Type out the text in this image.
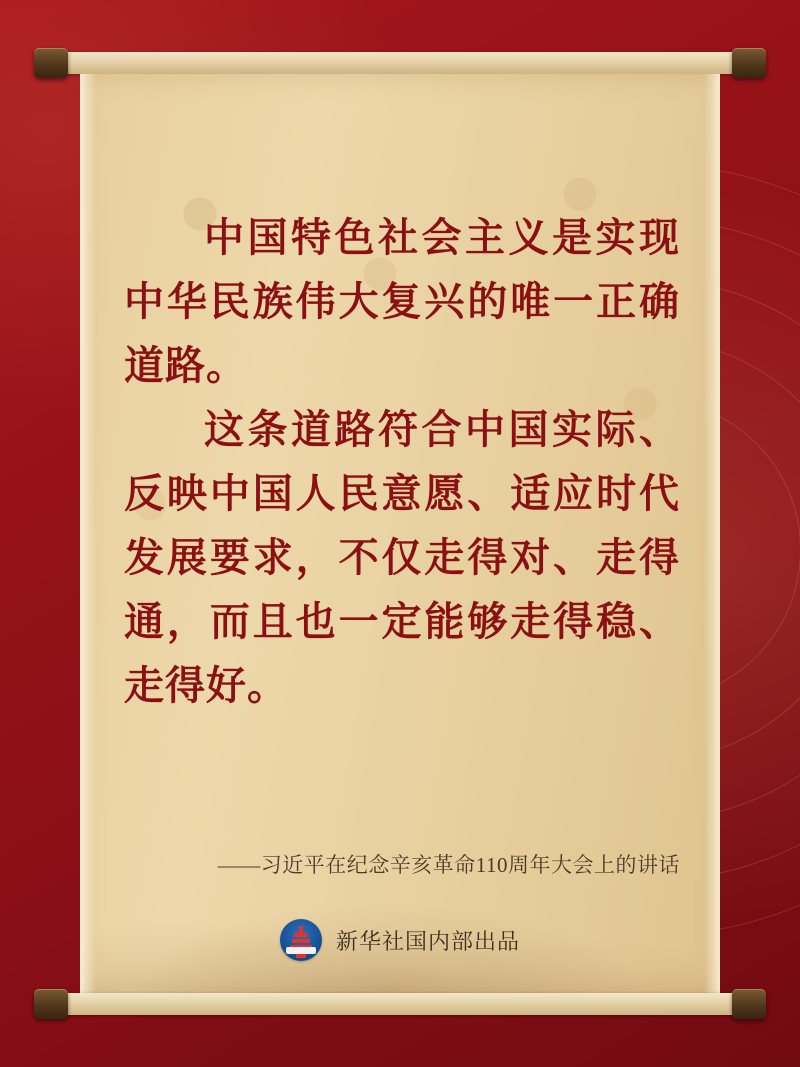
中国特色社会主义是实现中华民族伟大复兴的唯一正确道路。

这条道路符合中国实际、反映中国人民意愿、适应时代发展要求，不仅走得对、走得通，而且也一定能够走得稳、走得好。

——习近平在纪念辛亥革命110周年大会上的讲话
新华社国内部出品
